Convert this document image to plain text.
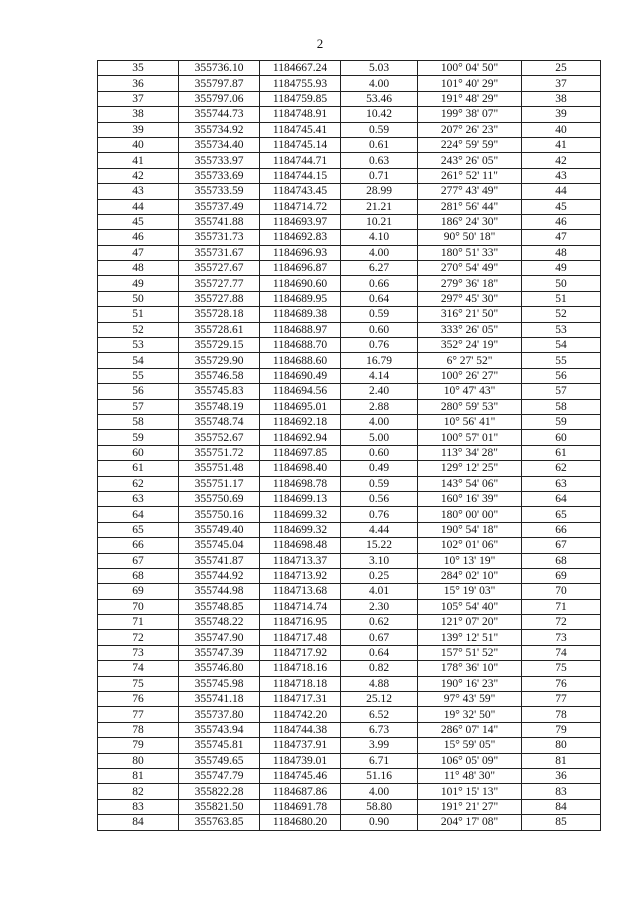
2
35	355736.10	1184667.24	5.03	100° 04' 50"	25
36	355797.87	1184755.93	4.00	101° 40' 29"	37
37	355797.06	1184759.85	53.46	191° 48' 29"	38
38	355744.73	1184748.91	10.42	199° 38' 07"	39
39	355734.92	1184745.41	0.59	207° 26' 23"	40
40	355734.40	1184745.14	0.61	224° 59' 59"	41
41	355733.97	1184744.71	0.63	243° 26' 05"	42
42	355733.69	1184744.15	0.71	261° 52' 11"	43
43	355733.59	1184743.45	28.99	277° 43' 49"	44
44	355737.49	1184714.72	21.21	281° 56' 44"	45
45	355741.88	1184693.97	10.21	186° 24' 30"	46
46	355731.73	1184692.83	4.10	90° 50' 18"	47
47	355731.67	1184696.93	4.00	180° 51' 33"	48
48	355727.67	1184696.87	6.27	270° 54' 49"	49
49	355727.77	1184690.60	0.66	279° 36' 18"	50
50	355727.88	1184689.95	0.64	297° 45' 30"	51
51	355728.18	1184689.38	0.59	316° 21' 50"	52
52	355728.61	1184688.97	0.60	333° 26' 05"	53
53	355729.15	1184688.70	0.76	352° 24' 19"	54
54	355729.90	1184688.60	16.79	6° 27' 52"	55
55	355746.58	1184690.49	4.14	100° 26' 27"	56
56	355745.83	1184694.56	2.40	10° 47' 43"	57
57	355748.19	1184695.01	2.88	280° 59' 53"	58
58	355748.74	1184692.18	4.00	10° 56' 41"	59
59	355752.67	1184692.94	5.00	100° 57' 01"	60
60	355751.72	1184697.85	0.60	113° 34' 28"	61
61	355751.48	1184698.40	0.49	129° 12' 25"	62
62	355751.17	1184698.78	0.59	143° 54' 06"	63
63	355750.69	1184699.13	0.56	160° 16' 39"	64
64	355750.16	1184699.32	0.76	180° 00' 00"	65
65	355749.40	1184699.32	4.44	190° 54' 18"	66
66	355745.04	1184698.48	15.22	102° 01' 06"	67
67	355741.87	1184713.37	3.10	10° 13' 19"	68
68	355744.92	1184713.92	0.25	284° 02' 10"	69
69	355744.98	1184713.68	4.01	15° 19' 03"	70
70	355748.85	1184714.74	2.30	105° 54' 40"	71
71	355748.22	1184716.95	0.62	121° 07' 20"	72
72	355747.90	1184717.48	0.67	139° 12' 51"	73
73	355747.39	1184717.92	0.64	157° 51' 52"	74
74	355746.80	1184718.16	0.82	178° 36' 10"	75
75	355745.98	1184718.18	4.88	190° 16' 23"	76
76	355741.18	1184717.31	25.12	97° 43' 59"	77
77	355737.80	1184742.20	6.52	19° 32' 50"	78
78	355743.94	1184744.38	6.73	286° 07' 14"	79
79	355745.81	1184737.91	3.99	15° 59' 05"	80
80	355749.65	1184739.01	6.71	106° 05' 09"	81
81	355747.79	1184745.46	51.16	11° 48' 30"	36
82	355822.28	1184687.86	4.00	101° 15' 13"	83
83	355821.50	1184691.78	58.80	191° 21' 27"	84
84	355763.85	1184680.20	0.90	204° 17' 08"	85
